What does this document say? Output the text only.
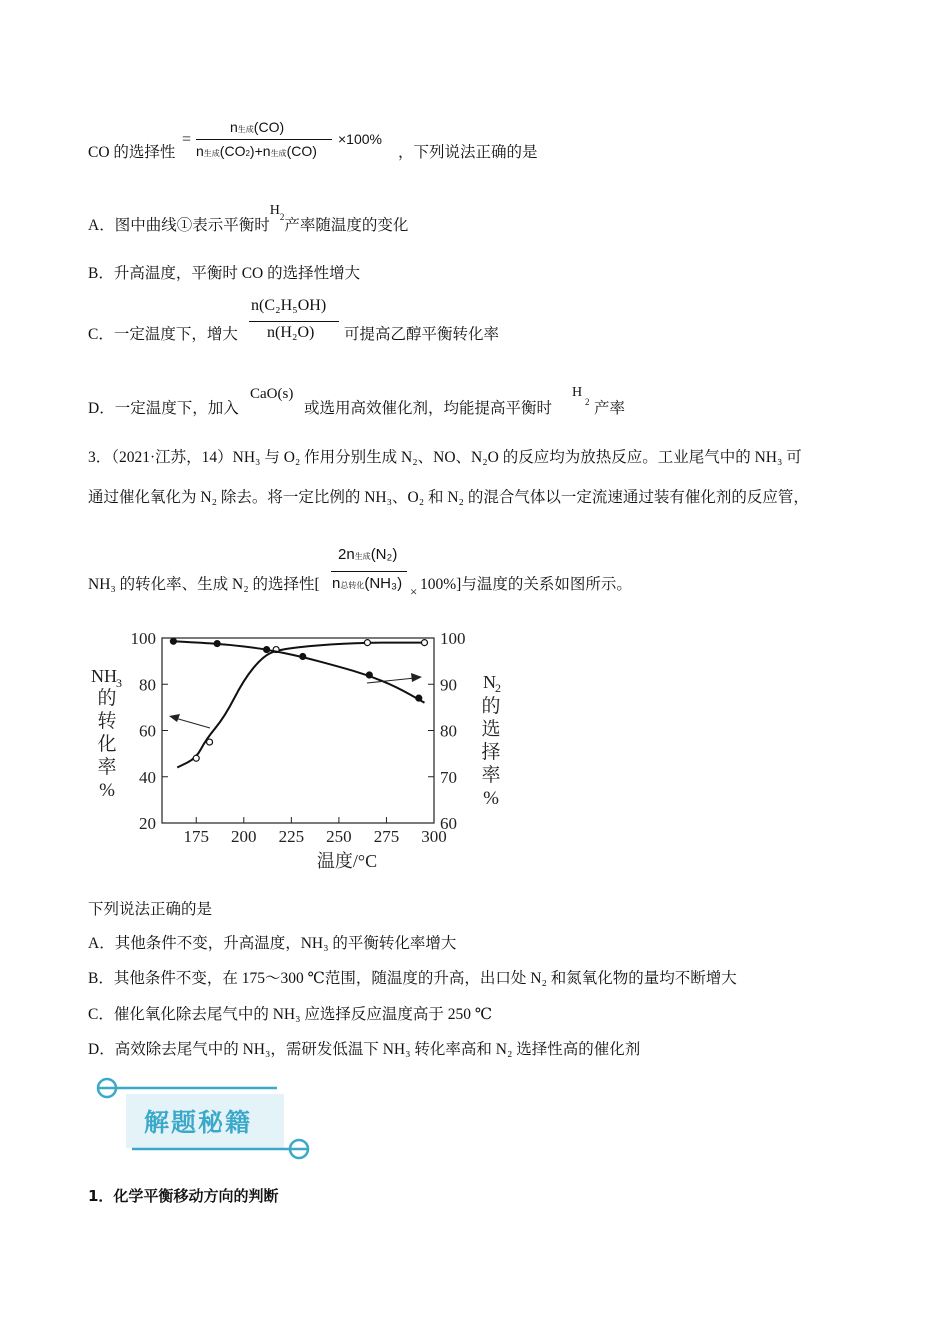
CO 的选择性
=
n生成(CO)
n生成(CO2)+n生成(CO)
×100%
，下列说法正确的是
A．图中曲线①表示平衡时$H^2$产率随温度的变化
B．升高温度，平衡时 CO 的选择性增大
C．一定温度下，增大
n(C₂H₅OH)
n(H₂O) 可提高乙醇平衡转化率
D．一定温度下，加入
CaO(s)
或选用高效催化剂，均能提高平衡时
H
2 产率
3．（2021·江苏，14）NH₃ 与 O₂ 作用分别生成 N₂、NO、N₂O 的反应均为放热反应。工业尾气中的 NH₃ 可
通过催化氧化为 N₂ 除去。将一定比例的 NH₃、O₂ 和 N₂ 的混合气体以一定流速通过装有催化剂的反应管，
NH₃ 的转化率、生成 N₂ 的选择性[
2n生成(N₂)
n总转化(NH₃) × 100%]与温度的关系如图所示。
100
80
60
40
20
100
90
80
70
60
175 200 225 250 275 300
NH 3
的
转
化
率
%
N 2
的
选
择
率
%
温度/°C
下列说法正确的是
A．其他条件不变，升高温度，NH₃ 的平衡转化率增大
B．其他条件不变，在 175～300 ℃范围，随温度的升高，出口处 N₂ 和氮氧化物的量均不断增大
C．催化氧化除去尾气中的 NH₃ 应选择反应温度高于 250 ℃
D．高效除去尾气中的 NH₃，需研发低温下 NH₃ 转化率高和 N₂ 选择性高的催化剂
解题秘籍
1．化学平衡移动方向的判断
